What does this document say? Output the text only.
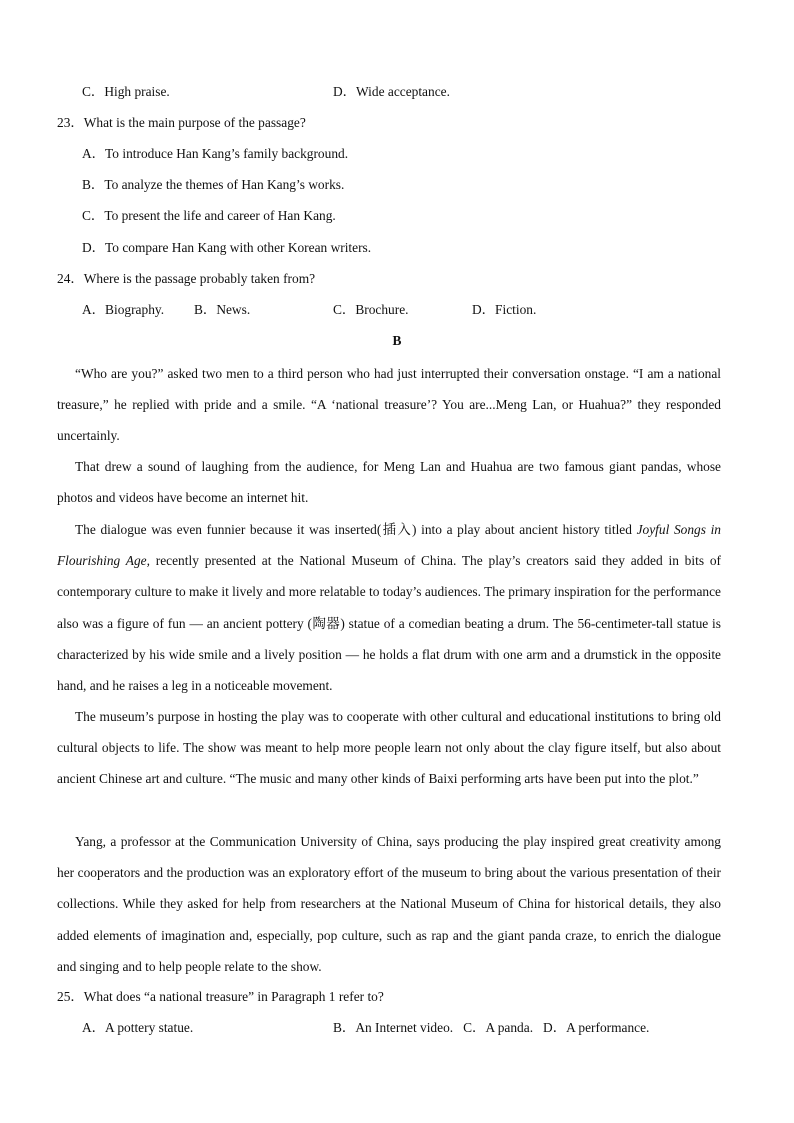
C．High praise.	D．Wide acceptance.
23．What is the main purpose of the passage?
A．To introduce Han Kang’s family background.
B．To analyze the themes of Han Kang’s works.
C．To present the life and career of Han Kang.
D．To compare Han Kang with other Korean writers.
24．Where is the passage probably taken from?
A．Biography. B．News.	C．Brochure.	D．Fiction.
B

“Who are you?” asked two men to a third person who had just interrupted their conversation onstage. “I am a national treasure,” he replied with pride and a smile. “A ‘national treasure’? You are...Meng Lan, or Huahua?” they responded uncertainly.

That drew a sound of laughing from the audience, for Meng Lan and Huahua are two famous giant pandas, whose photos and videos have become an internet hit.

The dialogue was even funnier because it was inserted(插入) into a play about ancient history titled Joyful Songs in Flourishing Age, recently presented at the National Museum of China. The play’s creators said they added in bits of contemporary culture to make it lively and more relatable to today’s audiences. The primary inspiration for the performance also was a figure of fun — an ancient pottery (陶器) statue of a comedian beating a drum. The 56-centimeter-tall statue is characterized by his wide smile and a lively position — he holds a flat drum with one arm and a drumstick in the opposite hand, and he raises a leg in a noticeable movement.

The museum’s purpose in hosting the play was to cooperate with other cultural and educational institutions to bring old cultural objects to life. The show was meant to help more people learn not only about the clay figure itself, but also about ancient Chinese art and culture. “The music and many other kinds of Baixi performing arts have been put into the plot.”

Yang, a professor at the Communication University of China, says producing the play inspired great creativity among her cooperators and the production was an exploratory effort of the museum to bring about the various presentation of their collections. While they asked for help from researchers at the National Museum of China for historical details, they also added elements of imagination and, especially, pop culture, such as rap and the giant panda craze, to enrich the dialogue and singing and to help people relate to the show.

25．What does “a national treasure” in Paragraph 1 refer to?
A．A pottery statue.	B．An Internet video. C．A panda. D．A performance.
